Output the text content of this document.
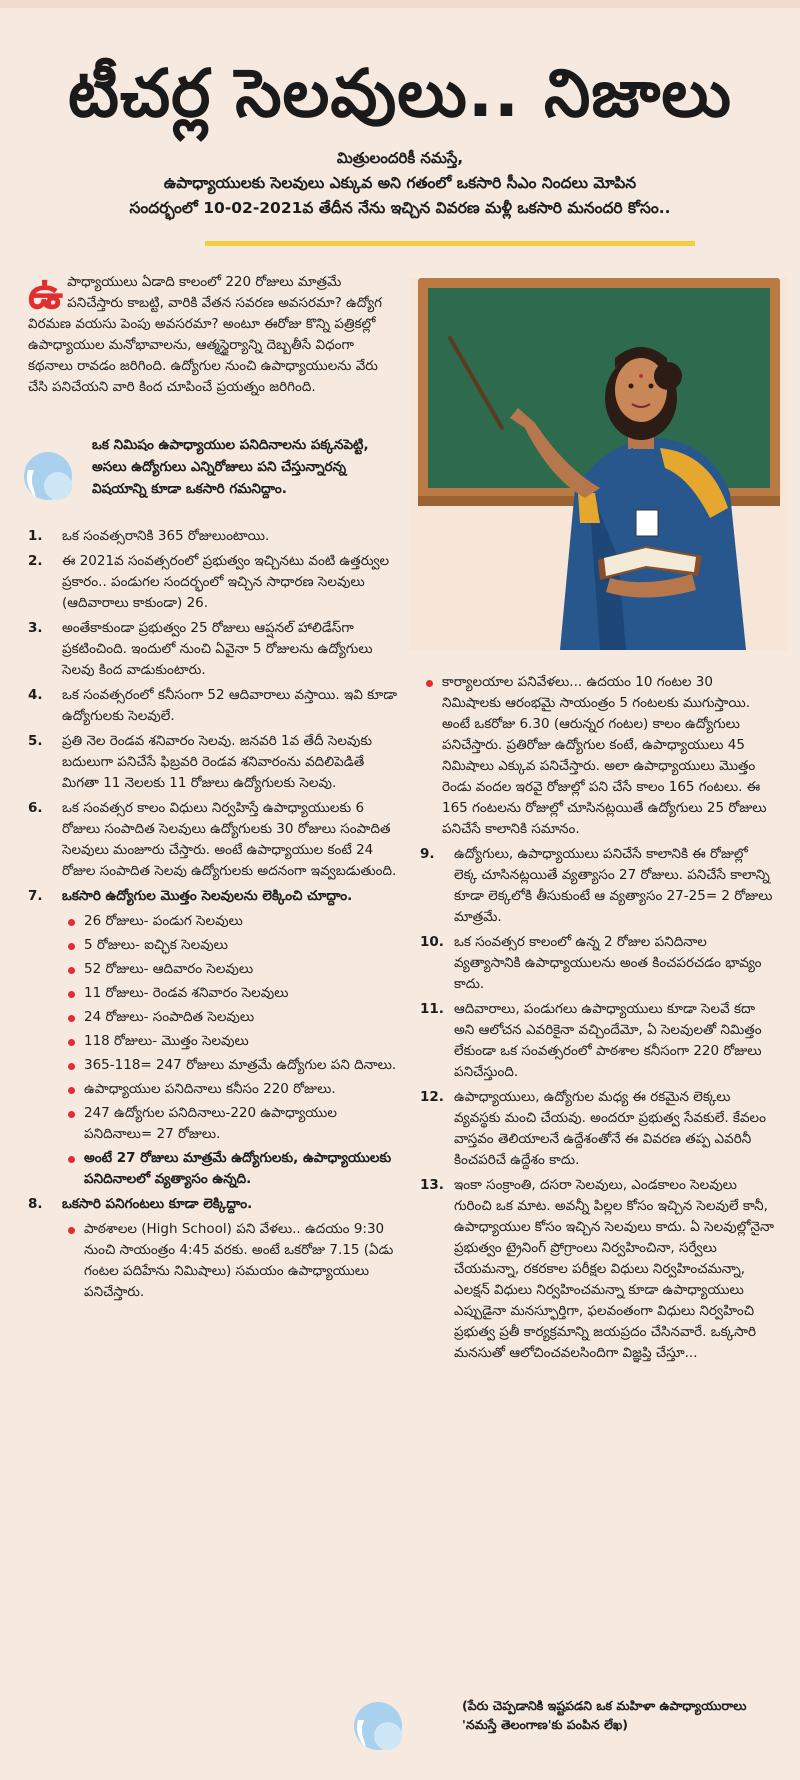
టీచర్ల సెలవులు.. నిజాలు
మిత్రులందరికీ నమస్తే,
ఉపాధ్యాయులకు సెలవులు ఎక్కువ అని గతంలో ఒకసారి సీఎం నిందలు మోపిన
సందర్భంలో 10-02-2021వ తేదీన నేను ఇచ్చిన వివరణ మళ్లీ ఒకసారి మనందరి కోసం..

ఉ పాధ్యాయులు ఏడాది కాలంలో 220 రోజులు మాత్రమే పనిచేస్తారు కాబట్టి, వారికి వేతన సవరణ అవసరమా? ఉద్యోగ విరమణ వయసు పెంపు అవసరమా? అంటూ ఈరోజు కొన్ని పత్రికల్లో ఉపాధ్యాయుల మనోభావాలను, ఆత్మస్థైర్యాన్ని దెబ్బతీసే విధంగా కథనాలు రావడం జరిగింది. ఉద్యోగుల నుంచి ఉపాధ్యాయులను వేరు చేసి పనిచేయని వారి కింద చూపించే ప్రయత్నం జరిగింది.

ఒక నిమిషం ఉపాధ్యాయుల పనిదినాలను పక్కనపెట్టి, అసలు ఉద్యోగులు ఎన్నిరోజులు పని చేస్తున్నారన్న విషయాన్ని కూడా ఒకసారి గమనిద్దాం.

1.	ఒక సంవత్సరానికి 365 రోజులుంటాయి.
2.	ఈ 2021వ సంవత్సరంలో ప్రభుత్వం ఇచ్చినటు వంటి ఉత్తర్వుల ప్రకారం.. పండుగల సందర్భంలో ఇచ్చిన సాధారణ సెలవులు (ఆదివారాలు కాకుండా) 26.
3.	అంతేకాకుండా ప్రభుత్వం 25 రోజులు ఆప్షనల్ హాలిడేస్‌గా ప్రకటించింది. ఇందులో నుంచి ఏవైనా 5 రోజులను ఉద్యోగులు సెలవు కింద వాడుకుంటారు.
4.	ఒక సంవత్సరంలో కనీసంగా 52 ఆదివారాలు వస్తాయి. ఇవి కూడా ఉద్యోగులకు సెలవులే.
5.	ప్రతి నెల రెండవ శనివారం సెలవు. జనవరి 1వ తేదీ సెలవుకు బదులుగా పనిచేసే ఫిబ్రవరి రెండవ శనివారంను వదిలిపెడితే మిగతా 11 నెలలకు 11 రోజులు ఉద్యోగులకు సెలవు.
6.	ఒక సంవత్సర కాలం విధులు నిర్వహిస్తే ఉపాధ్యాయులకు 6 రోజులు సంపాదిత సెలవులు ఉద్యోగులకు 30 రోజులు సంపాదిత సెలవులు మంజూరు చేస్తారు. అంటే ఉపాధ్యాయుల కంటే 24 రోజుల సంపాదిత సెలవు ఉద్యోగులకు అదనంగా ఇవ్వబడుతుంది.
7.	ఒకసారి ఉద్యోగుల మొత్తం సెలవులను లెక్కించి చూద్దాం.
26 రోజులు- పండుగ సెలవులు
5 రోజులు- ఐచ్ఛిక సెలవులు
52 రోజులు- ఆదివారం సెలవులు
11 రోజులు- రెండవ శనివారం సెలవులు
24 రోజులు- సంపాదిత సెలవులు
118 రోజులు- మొత్తం సెలవులు
365-118= 247 రోజులు మాత్రమే ఉద్యోగుల పని దినాలు.
ఉపాధ్యాయుల పనిదినాలు కనీసం 220 రోజులు.
247 ఉద్యోగుల పనిదినాలు-220 ఉపాధ్యాయుల పనిదినాలు= 27 రోజులు.
అంటే 27 రోజులు మాత్రమే ఉద్యోగులకు, ఉపాధ్యాయులకు పనిదినాలలో వ్యత్యాసం ఉన్నది.
8.	ఒకసారి పనిగంటలు కూడా లెక్కిద్దాం.
పాఠశాలల (High School) పని వేళలు.. ఉదయం 9:30 నుంచి సాయంత్రం 4:45 వరకు. అంటే ఒకరోజు 7.15 (ఏడు గంటల పదిహేను నిమిషాలు) సమయం ఉపాధ్యాయులు పనిచేస్తారు.
కార్యాలయాల పనివేళలు... ఉదయం 10 గంటల 30 నిమిషాలకు ఆరంభమై సాయంత్రం 5 గంటలకు ముగుస్తాయి. అంటే ఒకరోజు 6.30 (ఆరున్నర గంటల) కాలం ఉద్యోగులు పనిచేస్తారు. ప్రతిరోజు ఉద్యోగుల కంటే, ఉపాధ్యాయులు 45 నిమిషాలు ఎక్కువ పనిచేస్తారు. అలా ఉపాధ్యాయులు మొత్తం రెండు వందల ఇరవై రోజుల్లో పని చేసే కాలం 165 గంటలు. ఈ 165 గంటలను రోజుల్లో చూసినట్లయితే ఉద్యోగులు 25 రోజులు పనిచేసే కాలానికి సమానం.
9.	ఉద్యోగులు, ఉపాధ్యాయులు పనిచేసే కాలానికి ఈ రోజుల్లో లెక్క చూసినట్లయితే వ్యత్యాసం 27 రోజులు. పనిచేసే కాలాన్ని కూడా లెక్కలోకి తీసుకుంటే ఆ వ్యత్యాసం 27-25= 2 రోజులు మాత్రమే.
10. ఒక సంవత్సర కాలంలో ఉన్న 2 రోజుల పనిదినాల వ్యత్యాసానికి ఉపాధ్యాయులను అంత కించపరచడం భావ్యం కాదు.
11. ఆదివారాలు, పండుగలు ఉపాధ్యాయులు కూడా సెలవే కదా అని ఆలోచన ఎవరికైనా వచ్చిందేమో, ఏ సెలవులతో నిమిత్తం లేకుండా ఒక సంవత్సరంలో పాఠశాల కనీసంగా 220 రోజులు పనిచేస్తుంది.
12. ఉపాధ్యాయులు, ఉద్యోగుల మధ్య ఈ రకమైన లెక్కలు వ్యవస్థకు మంచి చేయవు. అందరూ ప్రభుత్వ సేవకులే. కేవలం వాస్తవం తెలియాలనే ఉద్దేశంతోనే ఈ వివరణ తప్ప ఎవరినీ కించపరిచే ఉద్దేశం కాదు.
13. ఇంకా సంక్రాంతి, దసరా సెలవులు, ఎండకాలం సెలవులు గురించి ఒక మాట. అవన్నీ పిల్లల కోసం ఇచ్చిన సెలవులే కానీ, ఉపాధ్యాయుల కోసం ఇచ్చిన సెలవులు కాదు. ఏ సెలవుల్లోనైనా ప్రభుత్వం ట్రైనింగ్ ప్రోగ్రాంలు నిర్వహించినా, సర్వేలు చేయమన్నా, రకరకాల పరీక్షల విధులు నిర్వహించమన్నా, ఎలక్షన్ విధులు నిర్వహించమన్నా కూడా ఉపాధ్యాయులు ఎప్పుడైనా మనస్ఫూర్తిగా, ఫలవంతంగా విధులు నిర్వహించి ప్రభుత్వ ప్రతీ కార్యక్రమాన్ని జయప్రదం చేసినవారే. ఒక్కసారి మనసుతో ఆలోచించవలసిందిగా విజ్ఞప్తి చేస్తూ...
(పేరు చెప్పడానికి ఇష్టపడని ఒక మహిళా ఉపాధ్యాయురాలు 'నమస్తే తెలంగాణ'కు పంపిన లేఖ)
